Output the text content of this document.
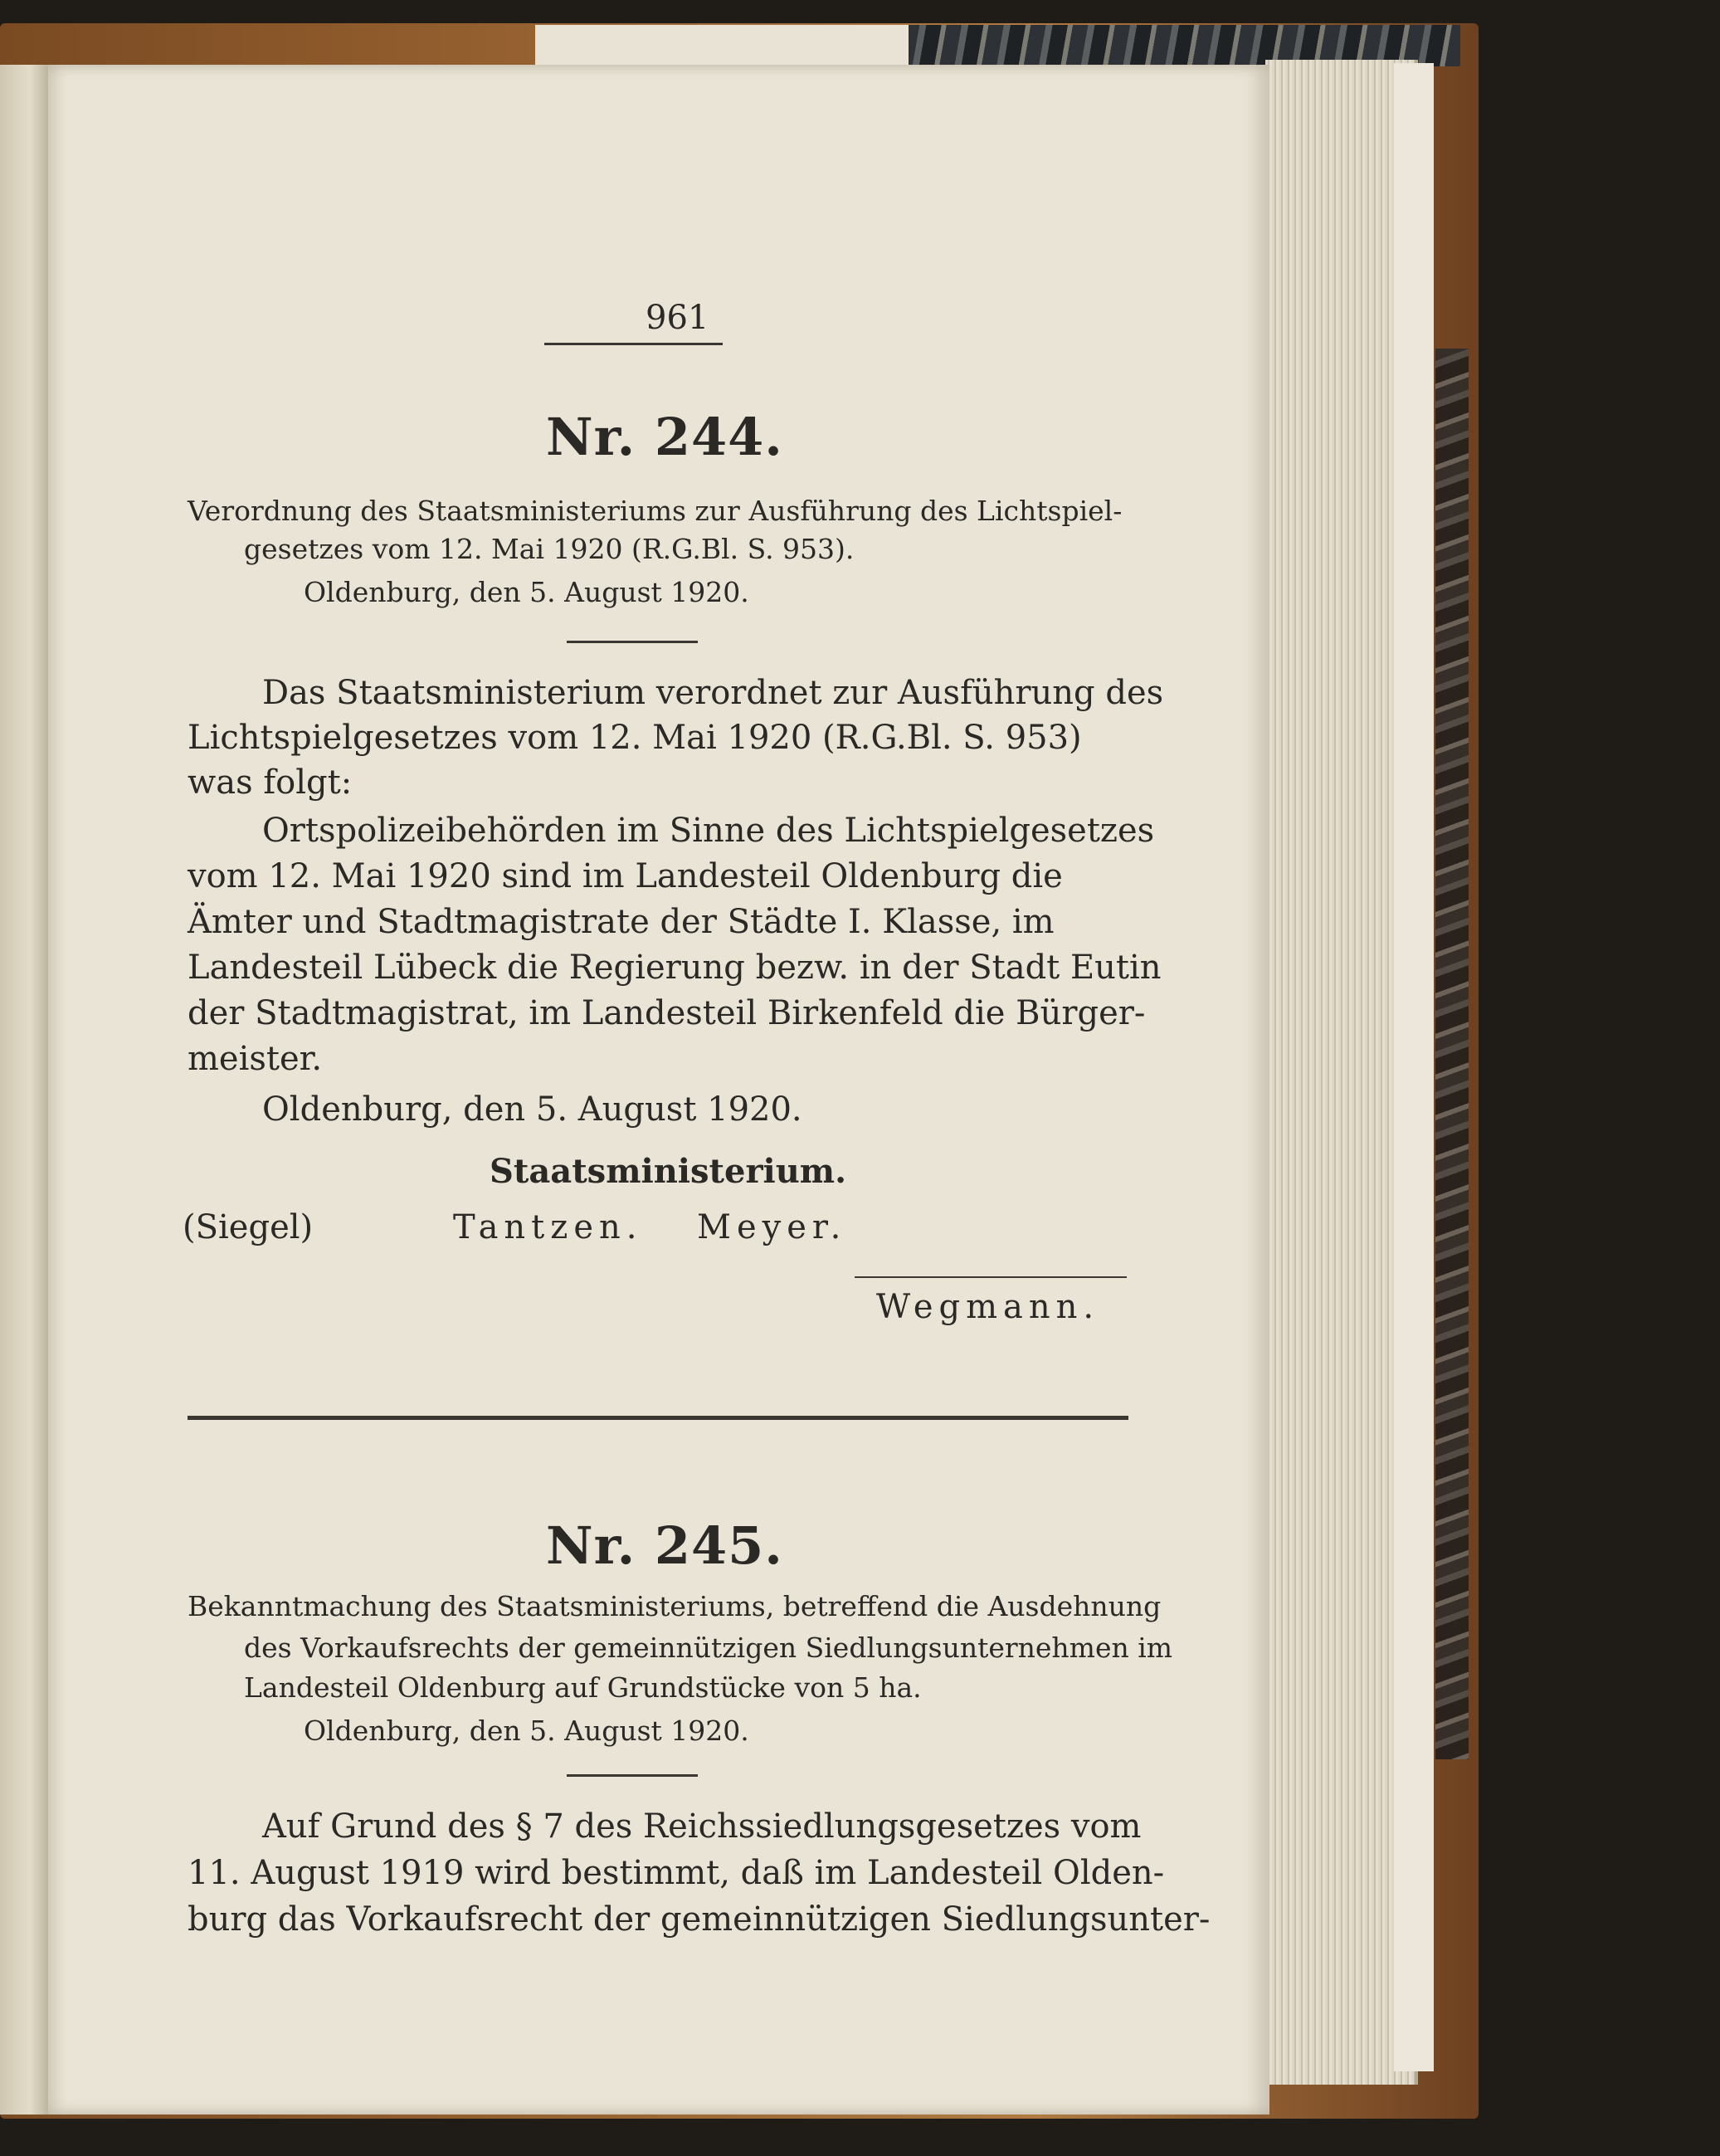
961
Nr. 244.
Verordnung des Staatsministeriums zur Ausführung des Lichtspiel-
gesetzes vom 12. Mai 1920 (R.G.Bl. S. 953).
Oldenburg, den 5. August 1920.
Das Staatsministerium verordnet zur Ausführung des
Lichtspielgesetzes vom 12. Mai 1920 (R.G.Bl. S. 953)
was folgt:
Ortspolizeibehörden im Sinne des Lichtspielgesetzes
vom 12. Mai 1920 sind im Landesteil Oldenburg die
Ämter und Stadtmagistrate der Städte I. Klasse, im
Landesteil Lübeck die Regierung bezw. in der Stadt Eutin
der Stadtmagistrat, im Landesteil Birkenfeld die Bürger-
meister.
Oldenburg, den 5. August 1920.
Staatsministerium.
(Siegel)	Tantzen. Meyer.
Wegmann.
Nr. 245.
Bekanntmachung des Staatsministeriums, betreffend die Ausdehnung
des Vorkaufsrechts der gemeinnützigen Siedlungsunternehmen im
Landesteil Oldenburg auf Grundstücke von 5 ha.
Oldenburg, den 5. August 1920.
Auf Grund des § 7 des Reichssiedlungsgesetzes vom
11. August 1919 wird bestimmt, daß im Landesteil Olden-
burg das Vorkaufsrecht der gemeinnützigen Siedlungsunter-
